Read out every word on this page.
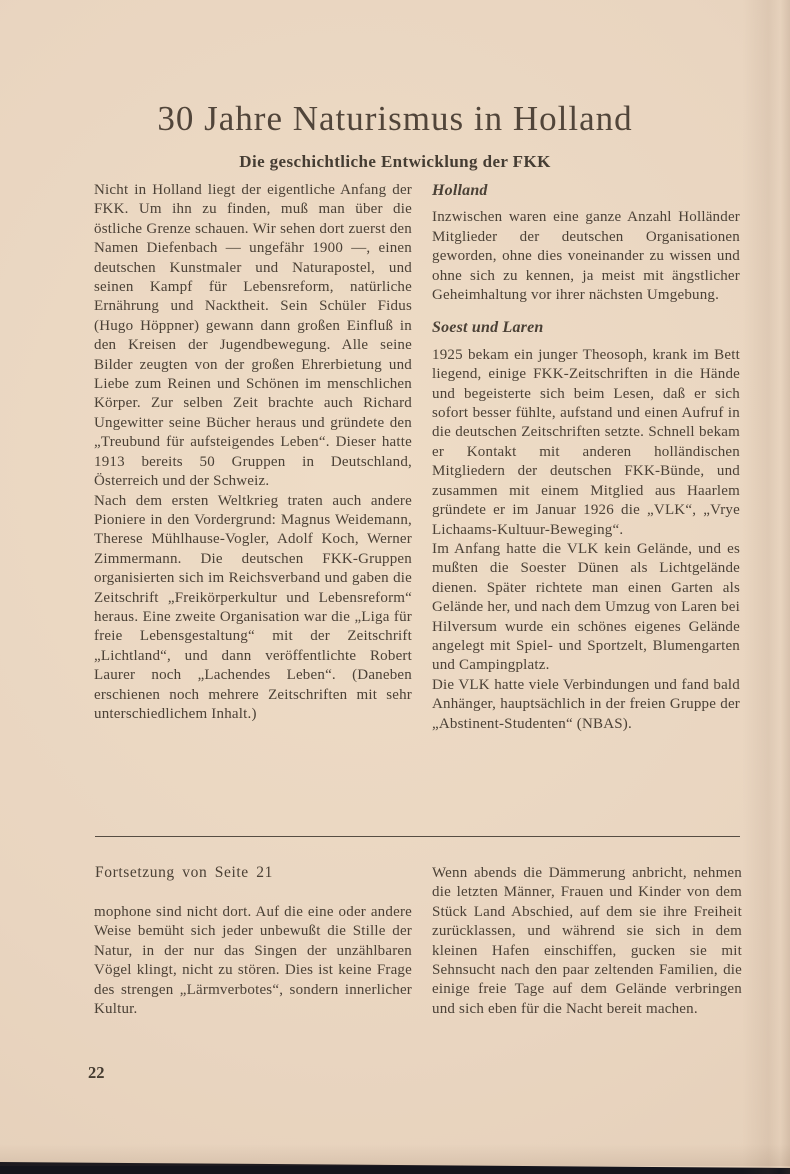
30 Jahre Naturismus in Holland
Die geschichtliche Entwicklung der FKK

Nicht in Holland liegt der eigentliche Anfang der FKK. Um ihn zu finden, muß man über die östliche Grenze schauen. Wir sehen dort zuerst den Namen Diefenbach — ungefähr 1900 —, einen deutschen Kunstmaler und Naturapostel, und seinen Kampf für Lebensreform, natürliche Ernährung und Nacktheit. Sein Schüler Fidus (Hugo Höppner) gewann dann großen Einfluß in den Kreisen der Jugendbewegung. Alle seine Bilder zeugten von der großen Ehrerbietung und Liebe zum Reinen und Schönen im menschlichen Körper. Zur selben Zeit brachte auch Richard Ungewitter seine Bücher heraus und gründete den „Treubund für aufsteigendes Leben“. Dieser hatte 1913 bereits 50 Gruppen in Deutschland, Österreich und der Schweiz.

Nach dem ersten Weltkrieg traten auch andere Pioniere in den Vordergrund: Magnus Weidemann, Therese Mühlhause-Vogler, Adolf Koch, Werner Zimmermann. Die deutschen FKK-Gruppen organisierten sich im Reichsverband und gaben die Zeitschrift „Freikörperkultur und Lebensreform“ heraus. Eine zweite Organisation war die „Liga für freie Lebensgestaltung“ mit der Zeitschrift „Lichtland“, und dann veröffentlichte Robert Laurer noch „Lachendes Leben“. (Daneben erschienen noch mehrere Zeitschriften mit sehr unterschiedlichem Inhalt.)

Holland

Inzwischen waren eine ganze Anzahl Holländer Mitglieder der deutschen Organisationen geworden, ohne dies voneinander zu wissen und ohne sich zu kennen, ja meist mit ängstlicher Geheimhaltung vor ihrer nächsten Umgebung.

Soest und Laren

1925 bekam ein junger Theosoph, krank im Bett liegend, einige FKK-Zeitschriften in die Hände und begeisterte sich beim Lesen, daß er sich sofort besser fühlte, aufstand und einen Aufruf in die deutschen Zeitschriften setzte. Schnell bekam er Kontakt mit anderen holländischen Mitgliedern der deutschen FKK-Bünde, und zusammen mit einem Mitglied aus Haarlem gründete er im Januar 1926 die „VLK“, „Vrye Lichaams-Kultuur-Beweging“.

Im Anfang hatte die VLK kein Gelände, und es mußten die Soester Dünen als Lichtgelände dienen. Später richtete man einen Garten als Gelände her, und nach dem Umzug von Laren bei Hilversum wurde ein schönes eigenes Gelände angelegt mit Spiel- und Sportzelt, Blumengarten und Campingplatz.

Die VLK hatte viele Verbindungen und fand bald Anhänger, hauptsächlich in der freien Gruppe der „Abstinent-Studenten“ (NBAS).

Fortsetzung von Seite 21

mophone sind nicht dort. Auf die eine oder andere Weise bemüht sich jeder unbewußt die Stille der Natur, in der nur das Singen der unzählbaren Vögel klingt, nicht zu stören. Dies ist keine Frage des strengen „Lärmverbotes“, sondern innerlicher Kultur.

Wenn abends die Dämmerung anbricht, nehmen die letzten Männer, Frauen und Kinder von dem Stück Land Abschied, auf dem sie ihre Freiheit zurücklassen, und während sie sich in dem kleinen Hafen einschiffen, gucken sie mit Sehnsucht nach den paar zeltenden Familien, die einige freie Tage auf dem Gelände verbringen und sich eben für die Nacht bereit machen.

22
